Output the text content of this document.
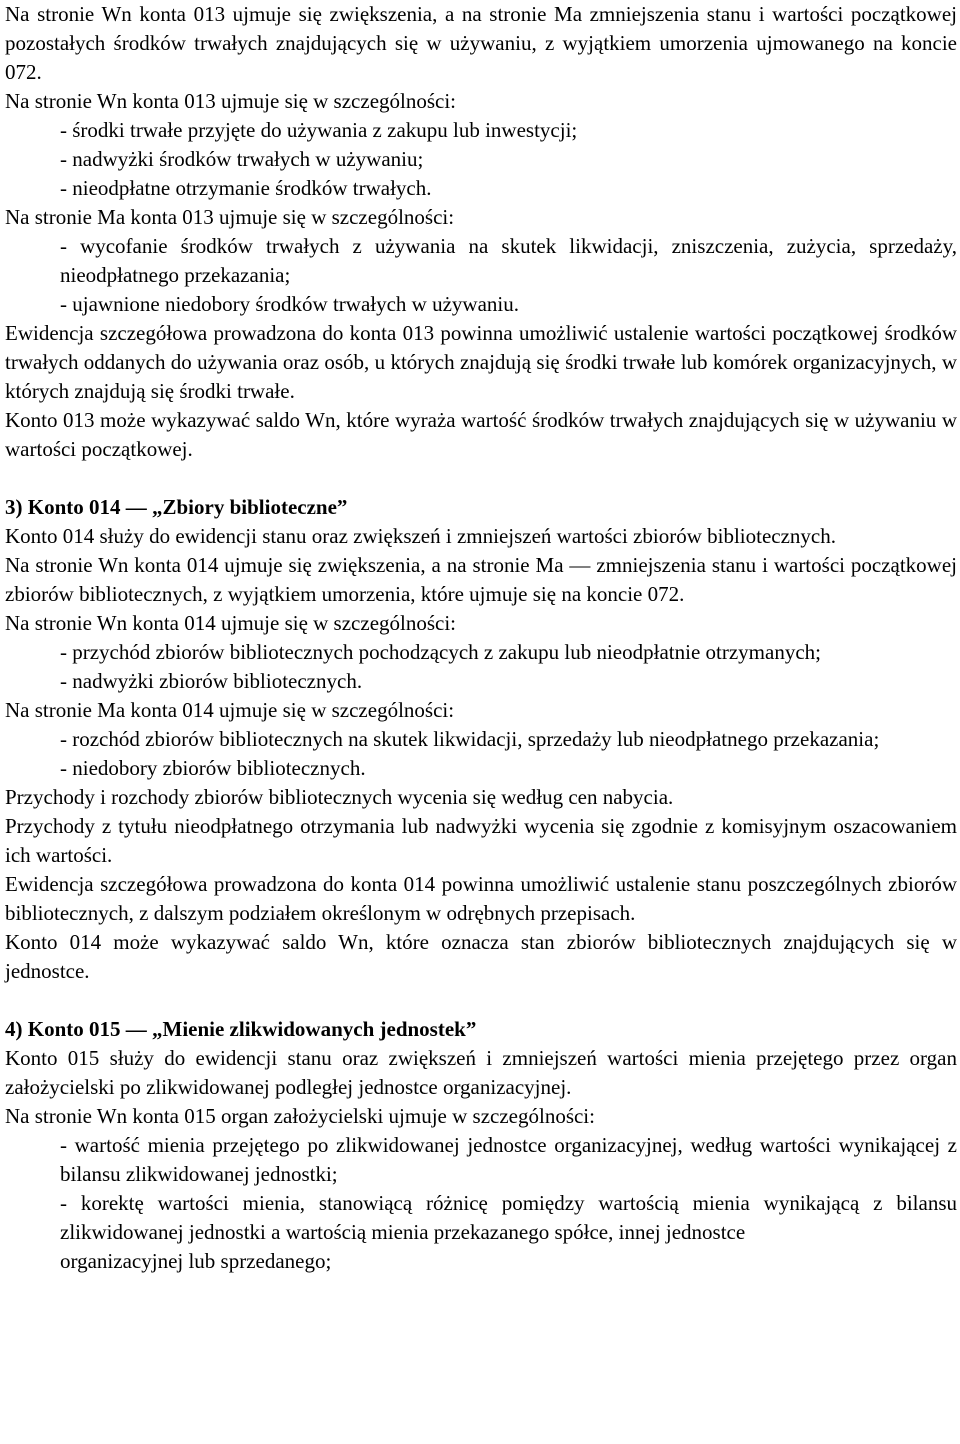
Na stronie Wn konta 013 ujmuje się zwiększenia, a na stronie Ma zmniejszenia stanu i wartości początkowej pozostałych środków trwałych znajdujących się w używaniu, z wyjątkiem umorzenia ujmowanego na koncie 072.

Na stronie Wn konta 013 ujmuje się w szczególności:

- środki trwałe przyjęte do używania z zakupu lub inwestycji;

- nadwyżki środków trwałych w używaniu;

- nieodpłatne otrzymanie środków trwałych.

Na stronie Ma konta 013 ujmuje się w szczególności:

- wycofanie środków trwałych z używania na skutek likwidacji, zniszczenia, zużycia, sprzedaży, nieodpłatnego przekazania;

- ujawnione niedobory środków trwałych w używaniu.

Ewidencja szczegółowa prowadzona do konta 013 powinna umożliwić ustalenie wartości początkowej środków trwałych oddanych do używania oraz osób, u których znajdują się środki trwałe lub komórek organizacyjnych, w których znajdują się środki trwałe.

Konto 013 może wykazywać saldo Wn, które wyraża wartość środków trwałych znajdujących się w używaniu w wartości początkowej.

3) Konto 014 — „Zbiory biblioteczne”

Konto 014 służy do ewidencji stanu oraz zwiększeń i zmniejszeń wartości zbiorów bibliotecznych.

Na stronie Wn konta 014 ujmuje się zwiększenia, a na stronie Ma — zmniejszenia stanu i wartości początkowej zbiorów bibliotecznych, z wyjątkiem umorzenia, które ujmuje się na koncie 072.

Na stronie Wn konta 014 ujmuje się w szczególności:

- przychód zbiorów bibliotecznych pochodzących z zakupu lub nieodpłatnie otrzymanych;

- nadwyżki zbiorów bibliotecznych.

Na stronie Ma konta 014 ujmuje się w szczególności:

- rozchód zbiorów bibliotecznych na skutek likwidacji, sprzedaży lub nieodpłatnego przekazania;

- niedobory zbiorów bibliotecznych.

Przychody i rozchody zbiorów bibliotecznych wycenia się według cen nabycia.

Przychody z tytułu nieodpłatnego otrzymania lub nadwyżki wycenia się zgodnie z komisyjnym oszacowaniem ich wartości.

Ewidencja szczegółowa prowadzona do konta 014 powinna umożliwić ustalenie stanu poszczególnych zbiorów bibliotecznych, z dalszym podziałem określonym w odrębnych przepisach.

Konto 014 może wykazywać saldo Wn, które oznacza stan zbiorów bibliotecznych znajdujących się w jednostce.

4) Konto 015 — „Mienie zlikwidowanych jednostek”

Konto 015 służy do ewidencji stanu oraz zwiększeń i zmniejszeń wartości mienia przejętego przez organ założycielski po zlikwidowanej podległej jednostce organizacyjnej.

Na stronie Wn konta 015 organ założycielski ujmuje w szczególności:

- wartość mienia przejętego po zlikwidowanej jednostce organizacyjnej, według wartości wynikającej z bilansu zlikwidowanej jednostki;

- korektę wartości mienia, stanowiącą różnicę pomiędzy wartością mienia wynikającą z bilansu zlikwidowanej jednostki a wartością mienia przekazanego spółce, innej jednostce

organizacyjnej lub sprzedanego;
